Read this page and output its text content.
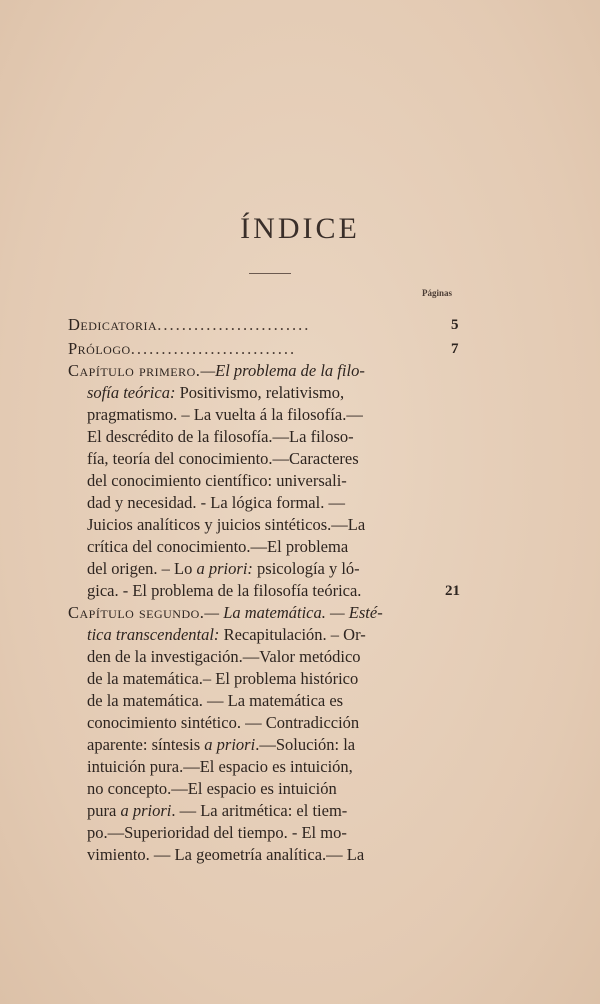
ÍNDICE
Páginas
Dedicatoria.........................	5
Prólogo...........................	7
Capítulo primero.—El problema de la filo-
sofía teórica: Positivismo, relativismo,
pragmatismo. – La vuelta á la filosofía.—
El descrédito de la filosofía.—La filoso-
fía, teoría del conocimiento.—Caracteres
del conocimiento científico: universali-
dad y necesidad. - La lógica formal. —
Juicios analíticos y juicios sintéticos.—La
crítica del conocimiento.—El problema
del origen. – Lo a priori: psicología y ló-
gica. - El problema de la filosofía teórica.	21
Capítulo segundo.— La matemática. — Esté-
tica transcendental: Recapitulación. – Or-
den de la investigación.—Valor metódico
de la matemática.– El problema histórico
de la matemática. — La matemática es
conocimiento sintético. — Contradicción
aparente: síntesis a priori.—Solución: la
intuición pura.—El espacio es intuición,
no concepto.—El espacio es intuición
pura a priori. — La aritmética: el tiem-
po.—Superioridad del tiempo. - El mo-
vimiento. — La geometría analítica.— La
